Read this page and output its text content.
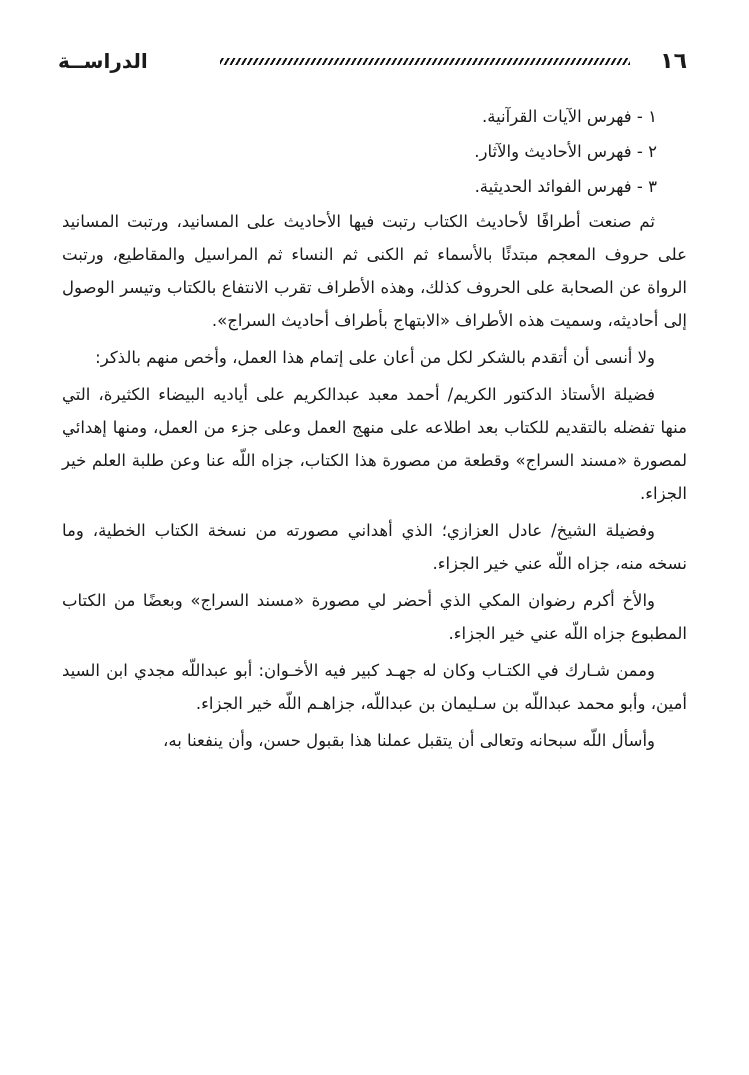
١٦
الدراســة
١ - فهرس الآيات القرآنية.
٢ - فهرس الأحاديث والآثار.
٣ - فهرس الفوائد الحديثية.

ثم صنعت أطرافًا لأحاديث الكتاب رتبت فيها الأحاديث على المسانيد، ورتبت المسانيد على حروف المعجم مبتدئًا بالأسماء ثم الكنى ثم النساء ثم المراسيل والمقاطيع، ورتبت الرواة عن الصحابة على الحروف كذلك، وهذه الأطراف تقرب الانتفاع بالكتاب وتيسر الوصول إلى أحاديثه، وسميت هذه الأطراف «الابتهاج بأطراف أحاديث السراج».

ولا أنسى أن أتقدم بالشكر لكل من أعان على إتمام هذا العمل، وأخص منهم بالذكر:

فضيلة الأستاذ الدكتور الكريم/ أحمد معبد عبدالكريم على أياديه البيضاء الكثيرة، التي منها تفضله بالتقديم للكتاب بعد اطلاعه على منهج العمل وعلى جزء من العمل، ومنها إهدائي لمصورة «مسند السراج» وقطعة من مصورة هذا الكتاب، جزاه اللّه عنا وعن طلبة العلم خير الجزاء.

وفضيلة الشيخ/ عادل العزازي؛ الذي أهداني مصورته من نسخة الكتاب الخطية، وما نسخه منه، جزاه اللّه عني خير الجزاء.

والأخ أكرم رضوان المكي الذي أحضر لي مصورة «مسند السراج» وبعضًا من الكتاب المطبوع جزاه اللّه عني خير الجزاء.

وممن شـارك في الكتـاب وكان له جهـد كبير فيه الأخـوان: أبو عبداللّه مجدي ابن السيد أمين، وأبو محمد عبداللّه بن سـليمان بن عبداللّه، جزاهـم اللّه خير الجزاء.

وأسأل اللّه سبحانه وتعالى أن يتقبل عملنا هذا بقبول حسن، وأن ينفعنا به،
